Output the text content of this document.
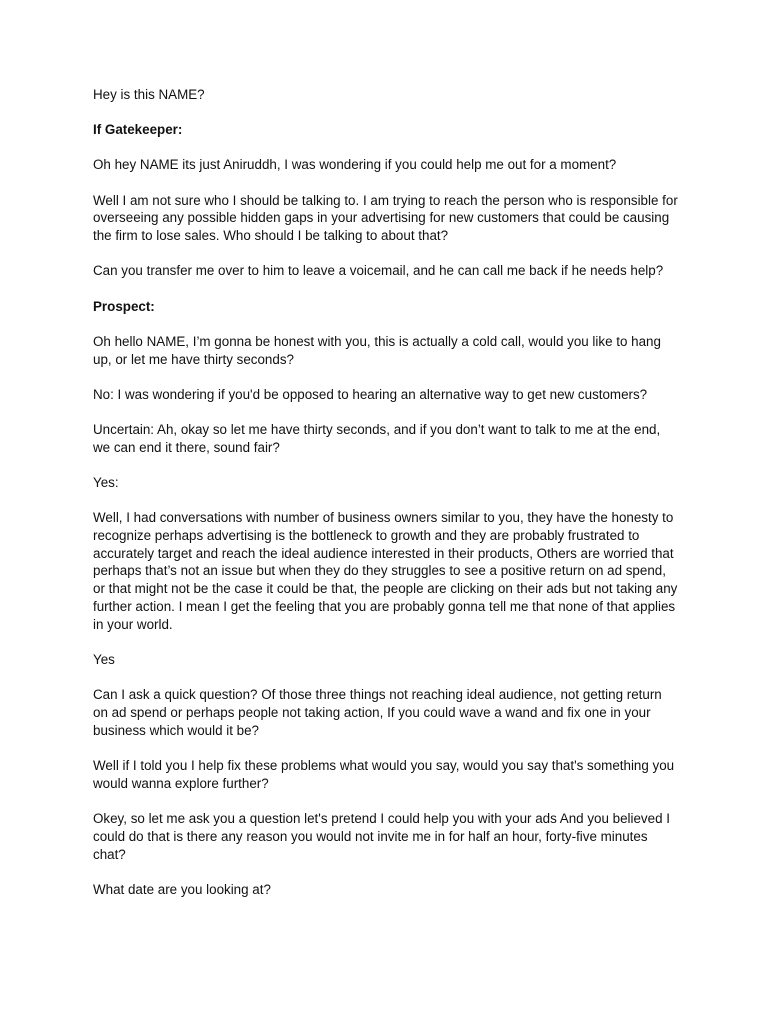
Hey is this NAME?

If Gatekeeper:

Oh hey NAME its just Aniruddh, I was wondering if you could help me out for a moment?

Well I am not sure who I should be talking to. I am trying to reach the person who is responsible for overseeing any possible hidden gaps in your advertising for new customers that could be causing the firm to lose sales. Who should I be talking to about that?

Can you transfer me over to him to leave a voicemail, and he can call me back if he needs help?

Prospect:

Oh hello NAME, I’m gonna be honest with you, this is actually a cold call, would you like to hang up, or let me have thirty seconds?

No: I was wondering if you'd be opposed to hearing an alternative way to get new customers?

Uncertain: Ah, okay so let me have thirty seconds, and if you don’t want to talk to me at the end, we can end it there, sound fair?

Yes:

Well, I had conversations with number of business owners similar to you, they have the honesty to recognize perhaps advertising is the bottleneck to growth and they are probably frustrated to accurately target and reach the ideal audience interested in their products, Others are worried that perhaps that’s not an issue but when they do they struggles to see a positive return on ad spend, or that might not be the case it could be that, the people are clicking on their ads but not taking any further action. I mean I get the feeling that you are probably gonna tell me that none of that applies in your world.

Yes

Can I ask a quick question? Of those three things not reaching ideal audience, not getting return on ad spend or perhaps people not taking action, If you could wave a wand and fix one in your business which would it be?

Well if I told you I help fix these problems what would you say, would you say that's something you would wanna explore further?

Okey, so let me ask you a question let's pretend I could help you with your ads And you believed I could do that is there any reason you would not invite me in for half an hour, forty-five minutes chat?

What date are you looking at?
